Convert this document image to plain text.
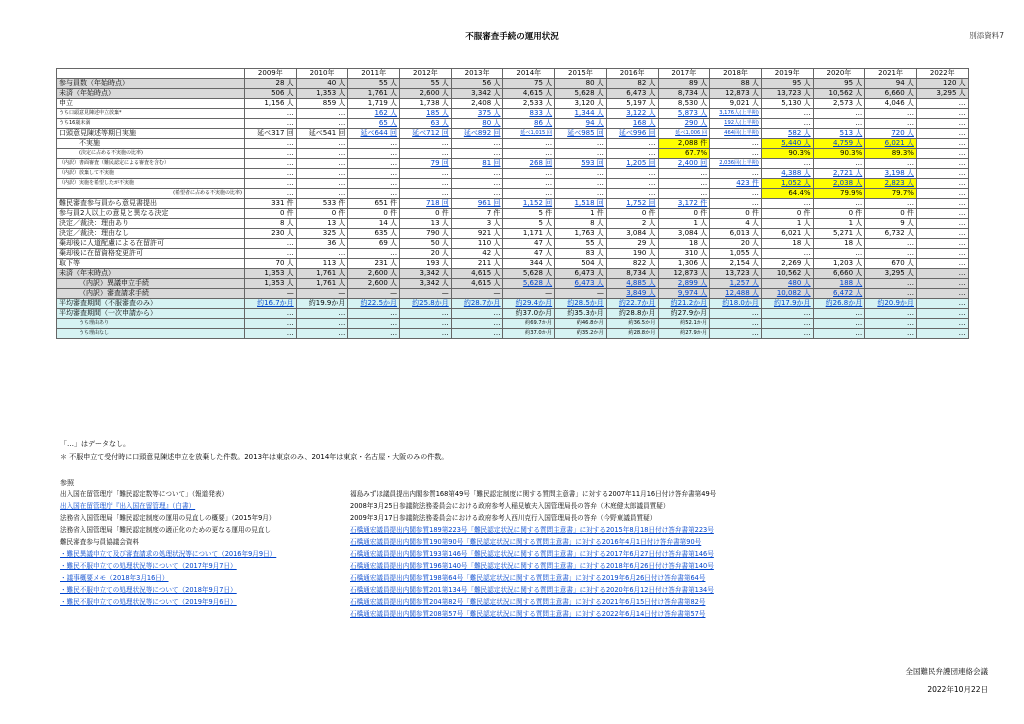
不服審査手続の運用状況	別添資料7
	2009年	2010年	2011年	2012年	2013年	2014年	2015年	2016年	2017年	2018年	2019年	2020年	2021年	2022年
参与員数（年始時点）	28 人	40 人	55 人	55 人	56 人	75 人	80 人	82 人	89 人	88 人	95 人	95 人	94 人	120 人
未済（年始時点）	506 人	1,353 人	1,761 人	2,600 人	3,342 人	4,615 人	5,628 人	6,473 人	8,734 人	12,873 人	13,723 人	10,562 人	6,660 人	3,295 人
申立	1,156 人	859 人	1,719 人	1,738 人	2,408 人	2,533 人	3,120 人	5,197 人	8,530 人	9,021 人	5,130 人	2,573 人	4,046 人	…
うち口頭意見陳述申立放棄*	…	…	162 人	185 人	375 人	833 人	1,344 人	3,122 人	5,873 人	3,176人(上半期)	…	…	…	…
うち16歳未満	…	…	65 人	63 人	80 人	86 人	94 人	168 人	290 人	192人(上半期)	…	…	…	…
口頭意見陳述等期日実施	延べ317 回	延べ541 回	延べ644 回	延べ712 回	延べ892 回	延べ1,015 回	延べ985 回	延べ996 回	延べ1,006 回	464回(上半期)	582 人	513 人	720 人	…
不実施	…	…	…	…	…	…	…	…	2,088 件	…	5,440 人	4,759 人	6,021 人	…
(決定に占める不実施の比率)	…	…	…	…	…	…	…	…	67.7%	…	90.3%	90.3%	89.3%	…
（内訳）書面審査（難民認定による審査を含む）	…	…	…	79 回	81 回	268 回	593 回	1,205 回	2,400 回	2,036回(上半期)	…	…	…	…
（内訳）放棄して不実施	…	…	…	…	…	…	…	…	…	…	4,388 人	2,721 人	3,198 人	…
（内訳）実施を希望したが不実施	…	…	…	…	…	…	…	…	…	423 件	1,052 人	2,038 人	2,823 人	…
(希望者に占める不実施の比率)	…	…	…	…	…	…	…	…	…	…	64.4%	79.9%	79.7%	…
難民審査参与員から意見書提出	331 件	533 件	651 件	718 回	961 回	1,152 回	1,518 回	1,752 回	3,172 件	…	…	…	…	…
参与員2人以上の意見と異なる決定	0 件	0 件	0 件	0 件	7 件	5 件	1 件	0 件	0 件	0 件	0 件	0 件	0 件	…
決定／裁決：理由あり	8 人	13 人	14 人	13 人	3 人	5 人	8 人	2 人	1 人	4 人	1 人	1 人	9 人	…
決定／裁決：理由なし	230 人	325 人	635 人	790 人	921 人	1,171 人	1,763 人	3,084 人	3,084 人	6,013 人	6,021 人	5,271 人	6,732 人	…
棄却後に人道配慮による在留許可	…	36 人	69 人	50 人	110 人	47 人	55 人	29 人	18 人	20 人	18 人	18 人	…	…
棄却後に在留資格変更許可	…	…	…	20 人	42 人	47 人	83 人	190 人	310 人	1,055 人	…	…	…	…
取下等	70 人	113 人	231 人	193 人	211 人	344 人	504 人	822 人	1,306 人	2,154 人	2,269 人	1,203 人	670 人	…
未済（年末時点）	1,353 人	1,761 人	2,600 人	3,342 人	4,615 人	5,628 人	6,473 人	8,734 人	12,873 人	13,723 人	10,562 人	6,660 人	3,295 人	…
（内訳）異議申立手続	1,353 人	1,761 人	2,600 人	3,342 人	4,615 人	5,628 人	6,473 人	4,885 人	2,899 人	1,257 人	480 人	188 人	…	…
（内訳）審査請求手続	—	—	—	—	—	—	—	3,849 人	9,974 人	12,488 人	10,082 人	6,472 人	…	…
平均審査期間（不服審査のみ）	約16.7か月	約19.9か月	約22.5か月	約25.8か月	約28.7か月	約29.4か月	約28.5か月	約22.7か月	約21.2か月	約18.0か月	約17.9か月	約26.8か月	約20.9か月	…
平均審査期間（一次申請から）	…	…	…	…	…	約37.0か月	約35.3か月	約28.8か月	約27.9か月	…	…	…	…	…
うち理由あり	…	…	…	…	…	約69.7か月	約46.8か月	約36.5か月	約52.1か月	…	…	…	…	…
うち理由なし	…	…	…	…	…	約37.0か月	約35.2か月	約28.8か月	約27.9か月	…	…	…	…	…
「…」はデータなし。
＊ 不服申立て受付時に口頭意見陳述申立を放棄した件数。2013年は東京のみ、2014年は東京・名古屋・大阪のみの件数。
参照
出入国在留管理庁「難民認定数等について」（報道発表）
出入国在留管理庁『出入国在留管理』（白書）
法務省入国管理局「難民認定制度の運用の見直しの概要」（2015年9月）
法務省入国管理局「難民認定制度の適正化のための更なる運用の見直し
難民審査参与員協議会資料
・難民異議申立て及び審査請求の処理状況等について（2016年9月9日）
・難民不服申立ての処理状況等について（2017年9月7日）
・議事概要メモ（2018年3月16日）
・難民不服申立ての処理状況等について（2018年9月7日）
・難民不服申立ての処理状況等について（2019年9月6日）
福島みずほ議員提出内閣参質168第49号「難民認定制度に関する質問主意書」に対する2007年11月16日付け答弁書第49号
2008年3月25日参議院法務委員会における政府参考人稲見敏夫入国管理局長の答弁（木庭健太郎議員質疑）
2009年3月17日参議院法務委員会における政府参考人西川克行入国管理局長の答弁（今野東議員質疑）
石橋通宏議員提出内閣参質189第223号「難民認定状況に関する質問主意書」に対する2015年8月18日付け答弁書第223号
石橋通宏議員提出内閣参質190第90号「難民認定状況に関する質問主意書」に対する2016年4月1日付け答弁書第90号
石橋通宏議員提出内閣参質193第146号「難民認定状況に関する質問主意書」に対する2017年6月27日付け答弁書第146号
石橋通宏議員提出内閣参質196第140号「難民認定状況に関する質問主意書」に対する2018年6月26日付け答弁書第140号
石橋通宏議員提出内閣参質198第64号「難民認定状況に関する質問主意書」に対する2019年6月26日付け答弁書第64号
石橋通宏議員提出内閣参質201第134号「難民認定状況に関する質問主意書」に対する2020年6月12日付け答弁書第134号
石橋通宏議員提出内閣参質204第82号「難民認定状況に関する質問主意書」に対する2021年6月15日付け答弁書第82号
石橋通宏議員提出内閣参質208第57号「難民認定状況に関する質問主意書」に対する2022年6月14日付け答弁書第57号
全国難民弁護団連絡会議
2022年10月22日
